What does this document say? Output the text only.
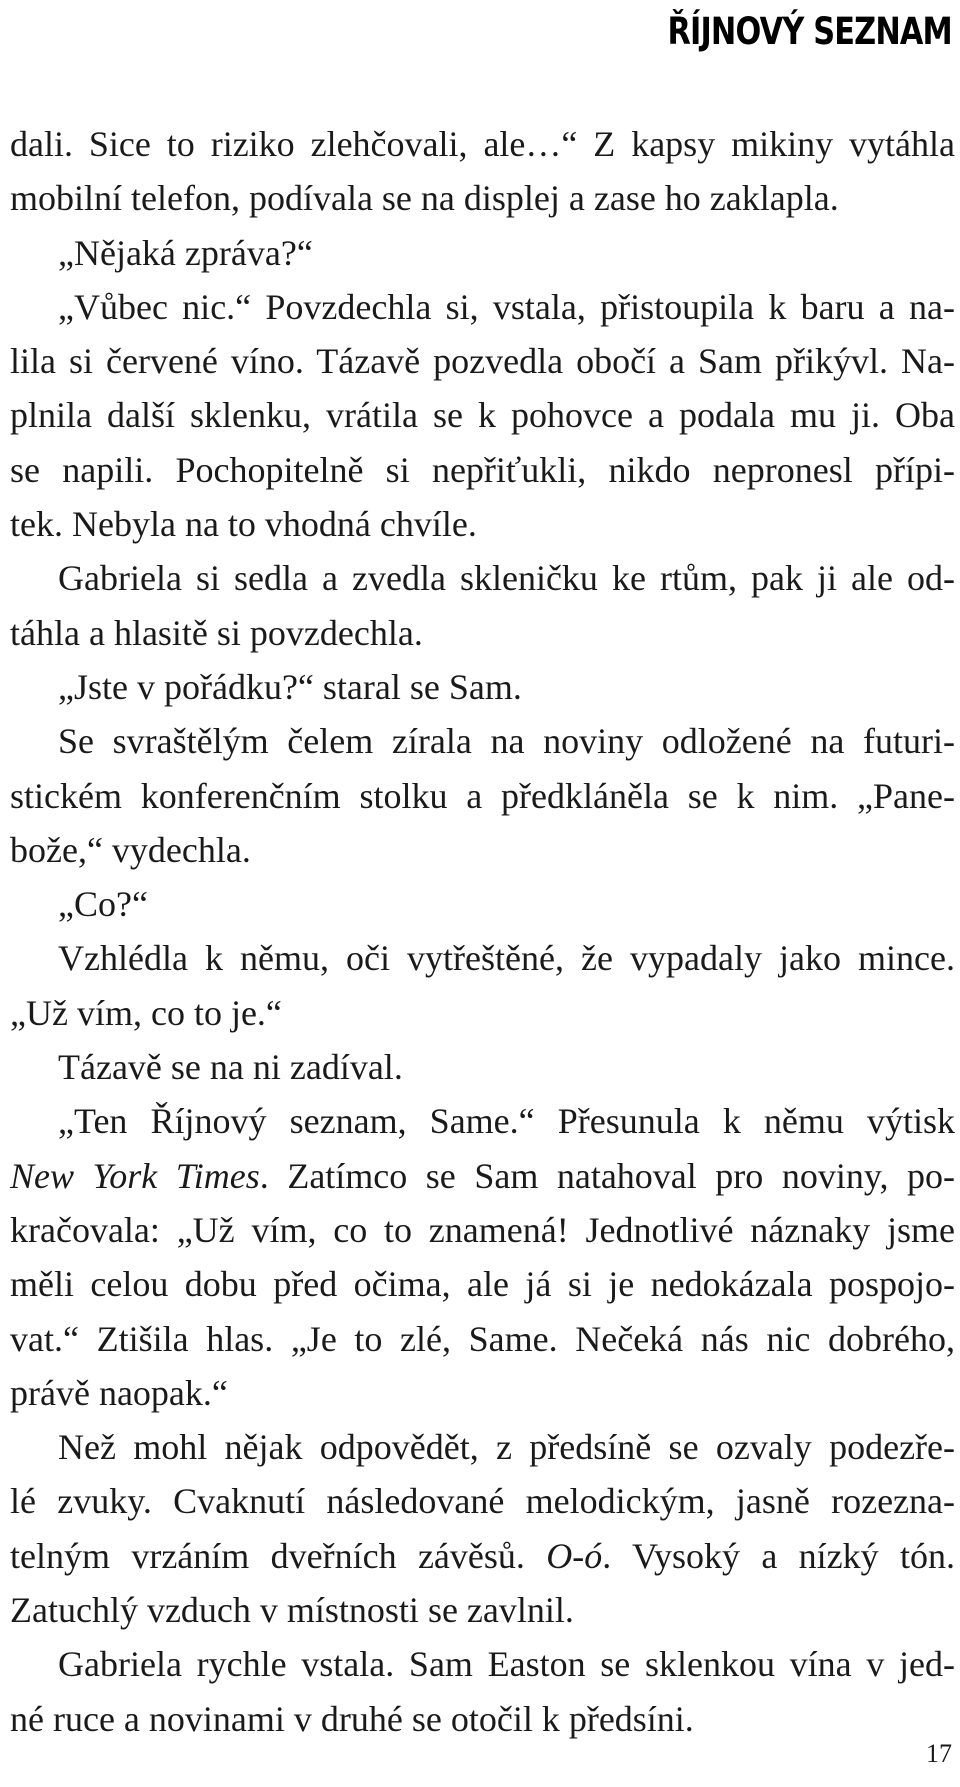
ŘÍJNOVÝ SEZNAM
dali. Sice to riziko zlehčovali, ale…“ Z kapsy mikiny vytáhla
mobilní telefon, podívala se na displej a zase ho zaklapla.
„Nějaká zpráva?“
„Vůbec nic.“ Povzdechla si, vstala, přistoupila k baru a na-
lila si červené víno. Tázavě pozvedla obočí a Sam přikývl. Na-
plnila další sklenku, vrátila se k pohovce a podala mu ji. Oba
se napili. Pochopitelně si nepřiťukli, nikdo nepronesl přípi-
tek. Nebyla na to vhodná chvíle.
Gabriela si sedla a zvedla skleničku ke rtům, pak ji ale od-
táhla a hlasitě si povzdechla.
„Jste v pořádku?“ staral se Sam.
Se svraštělým čelem zírala na noviny odložené na futuri-
stickém konferenčním stolku a předkláněla se k nim. „Pane-
bože,“ vydechla.
„Co?“
Vzhlédla k němu, oči vytřeštěné, že vypadaly jako mince.
„Už vím, co to je.“
Tázavě se na ni zadíval.
„Ten Říjnový seznam, Same.“ Přesunula k němu výtisk
New York Times. Zatímco se Sam natahoval pro noviny, po-
kračovala: „Už vím, co to znamená! Jednotlivé náznaky jsme
měli celou dobu před očima, ale já si je nedokázala pospojo-
vat.“ Ztišila hlas. „Je to zlé, Same. Nečeká nás nic dobrého,
právě naopak.“
Než mohl nějak odpovědět, z předsíně se ozvaly podezře-
lé zvuky. Cvaknutí následované melodickým, jasně rozezna-
telným vrzáním dveřních závěsů. O-ó. Vysoký a nízký tón.
Zatuchlý vzduch v místnosti se zavlnil.
Gabriela rychle vstala. Sam Easton se sklenkou vína v jed-
né ruce a novinami v druhé se otočil k předsíni.
17
